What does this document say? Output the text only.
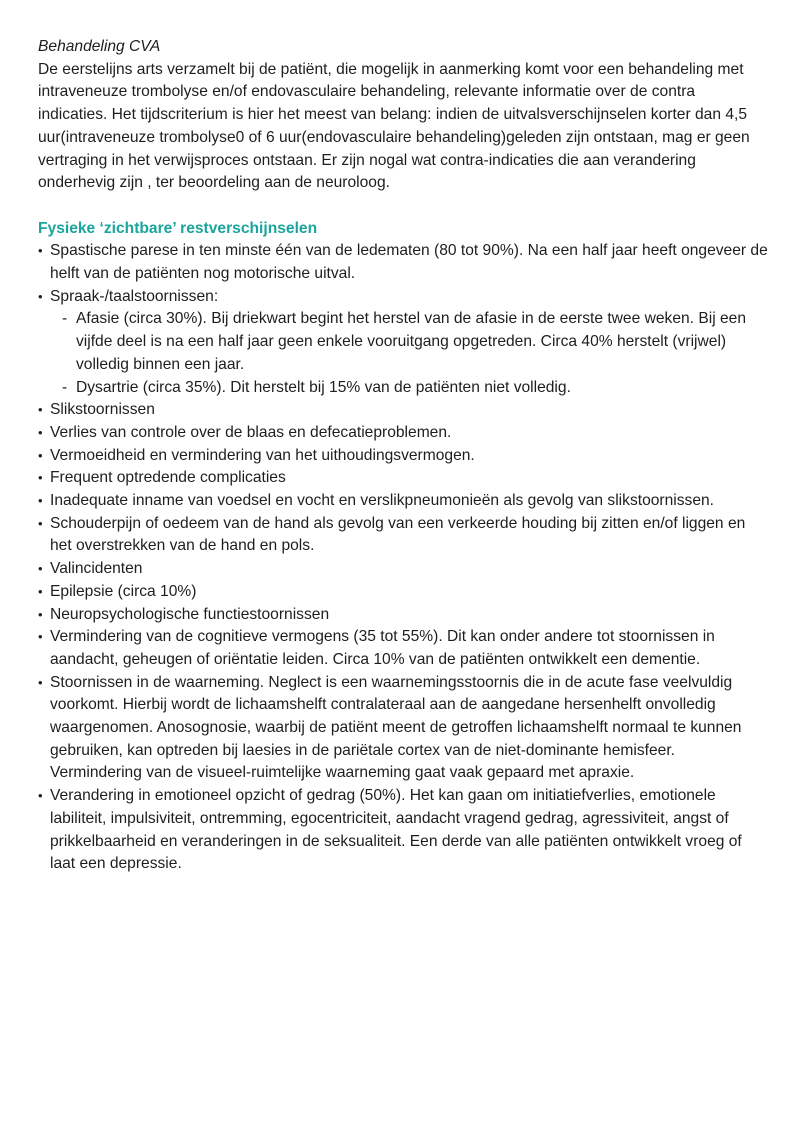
Behandeling CVA

De eerstelijns arts verzamelt bij de patiënt, die mogelijk in aanmerking komt voor een behandeling met intraveneuze trombolyse en/of endovasculaire behandeling, relevante informatie over de contra indicaties. Het tijdscriterium is hier het meest van belang: indien de uitvalsverschijnselen korter dan 4,5 uur(intraveneuze trombolyse0 of 6 uur(endovasculaire behandeling)geleden zijn ontstaan, mag er geen vertraging in het verwijsproces ontstaan. Er zijn nogal wat contra-indicaties die aan verandering onderhevig zijn , ter beoordeling aan de neuroloog.

Fysieke ‘zichtbare’ restverschijnselen

• Spastische parese in ten minste één van de ledematen (80 tot 90%). Na een half jaar heeft ongeveer de helft van de patiënten nog motorische uitval.
• Spraak-/taalstoornissen:
- Afasie (circa 30%). Bij driekwart begint het herstel van de afasie in de eerste twee weken. Bij een vijfde deel is na een half jaar geen enkele vooruitgang opgetreden. Circa 40% herstelt (vrijwel) volledig binnen een jaar.
- Dysartrie (circa 35%). Dit herstelt bij 15% van de patiënten niet volledig.
• Slikstoornissen
• Verlies van controle over de blaas en defecatieproblemen.
• Vermoeidheid en vermindering van het uithoudingsvermogen.
• Frequent optredende complicaties
• Inadequate inname van voedsel en vocht en verslikpneumonieën als gevolg van slikstoornissen.
• Schouderpijn of oedeem van de hand als gevolg van een verkeerde houding bij zitten en/of liggen en het overstrekken van de hand en pols.
• Valincidenten
• Epilepsie (circa 10%)
• Neuropsychologische functiestoornissen
• Vermindering van de cognitieve vermogens (35 tot 55%). Dit kan onder andere tot stoornissen in aandacht, geheugen of oriëntatie leiden. Circa 10% van de patiënten ontwikkelt een dementie.
• Stoornissen in de waarneming. Neglect is een waarnemingsstoornis die in de acute fase veelvuldig voorkomt. Hierbij wordt de lichaamshelft contralateraal aan de aangedane hersenhelft onvolledig waargenomen. Anosognosie, waarbij de patiënt meent de getroffen lichaamshelft normaal te kunnen gebruiken, kan optreden bij laesies in de pariëtale cortex van de niet-dominante hemisfeer. Vermindering van de visueel-ruimtelijke waarneming gaat vaak gepaard met apraxie.
• Verandering in emotioneel opzicht of gedrag (50%). Het kan gaan om initiatiefverlies, emotionele labiliteit, impulsiviteit, ontremming, egocentriciteit, aandacht vragend gedrag, agressiviteit, angst of prikkelbaarheid en veranderingen in de seksualiteit. Een derde van alle patiënten ontwikkelt vroeg of laat een depressie.
